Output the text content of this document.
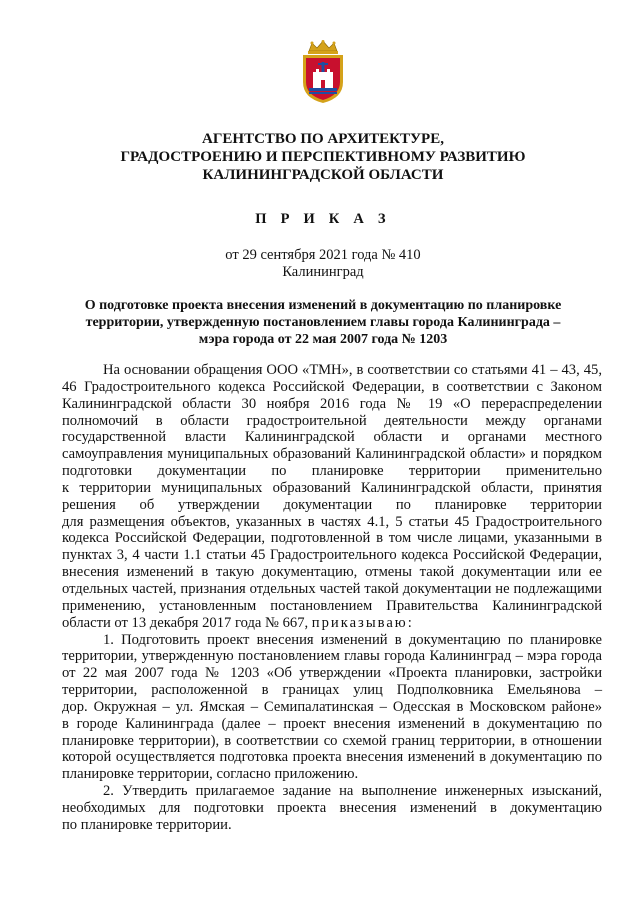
АГЕНТСТВО ПО АРХИТЕКТУРЕ,
ГРАДОСТРОЕНИЮ И ПЕРСПЕКТИВНОМУ РАЗВИТИЮ
КАЛИНИНГРАДСКОЙ ОБЛАСТИ
П Р И К А З
от 29 сентября 2021 года № 410
Калининград
О подготовке проекта внесения изменений в документацию по планировке
территории, утвержденную постановлением главы города Калининграда –
мэра города от 22 мая 2007 года № 1203

На основании обращения ООО «ТМН», в соответствии со статьями 41 – 43, 45,

46 Градостроительного кодекса Российской Федерации, в соответствии с Законом

Калининградской области 30 ноября 2016 года № 19 «О перераспределении

полномочий в области градостроительной деятельности между органами

государственной власти Калининградской области и органами местного

самоуправления муниципальных образований Калининградской области» и порядком

подготовки документации по планировке территории применительно

к территории муниципальных образований Калининградской области, принятия

решения об утверждении документации по планировке территории

для размещения объектов, указанных в частях 4.1, 5 статьи 45 Градостроительного

кодекса Российской Федерации, подготовленной в том числе лицами, указанными в

пунктах 3, 4 части 1.1 статьи 45 Градостроительного кодекса Российской Федерации,

внесения изменений в такую документацию, отмены такой документации или ее

отдельных частей, признания отдельных частей такой документации не подлежащими

применению, установленным постановлением Правительства Калининградской

области от 13 декабря 2017 года № 667, приказываю:

1. Подготовить проект внесения изменений в документацию по планировке

территории, утвержденную постановлением главы города Калининград – мэра города

от 22 мая 2007 года № 1203 «Об утверждении «Проекта планировки, застройки

территории, расположенной в границах улиц Подполковника Емельянова –

дор. Окружная – ул. Ямская – Семипалатинская – Одесская в Московском районе»

в городе Калининграда (далее – проект внесения изменений в документацию по

планировке территории), в соответствии со схемой границ территории, в отношении

которой осуществляется подготовка проекта внесения изменений в документацию по

планировке территории, согласно приложению.

2. Утвердить прилагаемое задание на выполнение инженерных изысканий,

необходимых для подготовки проекта внесения изменений в документацию

по планировке территории.
